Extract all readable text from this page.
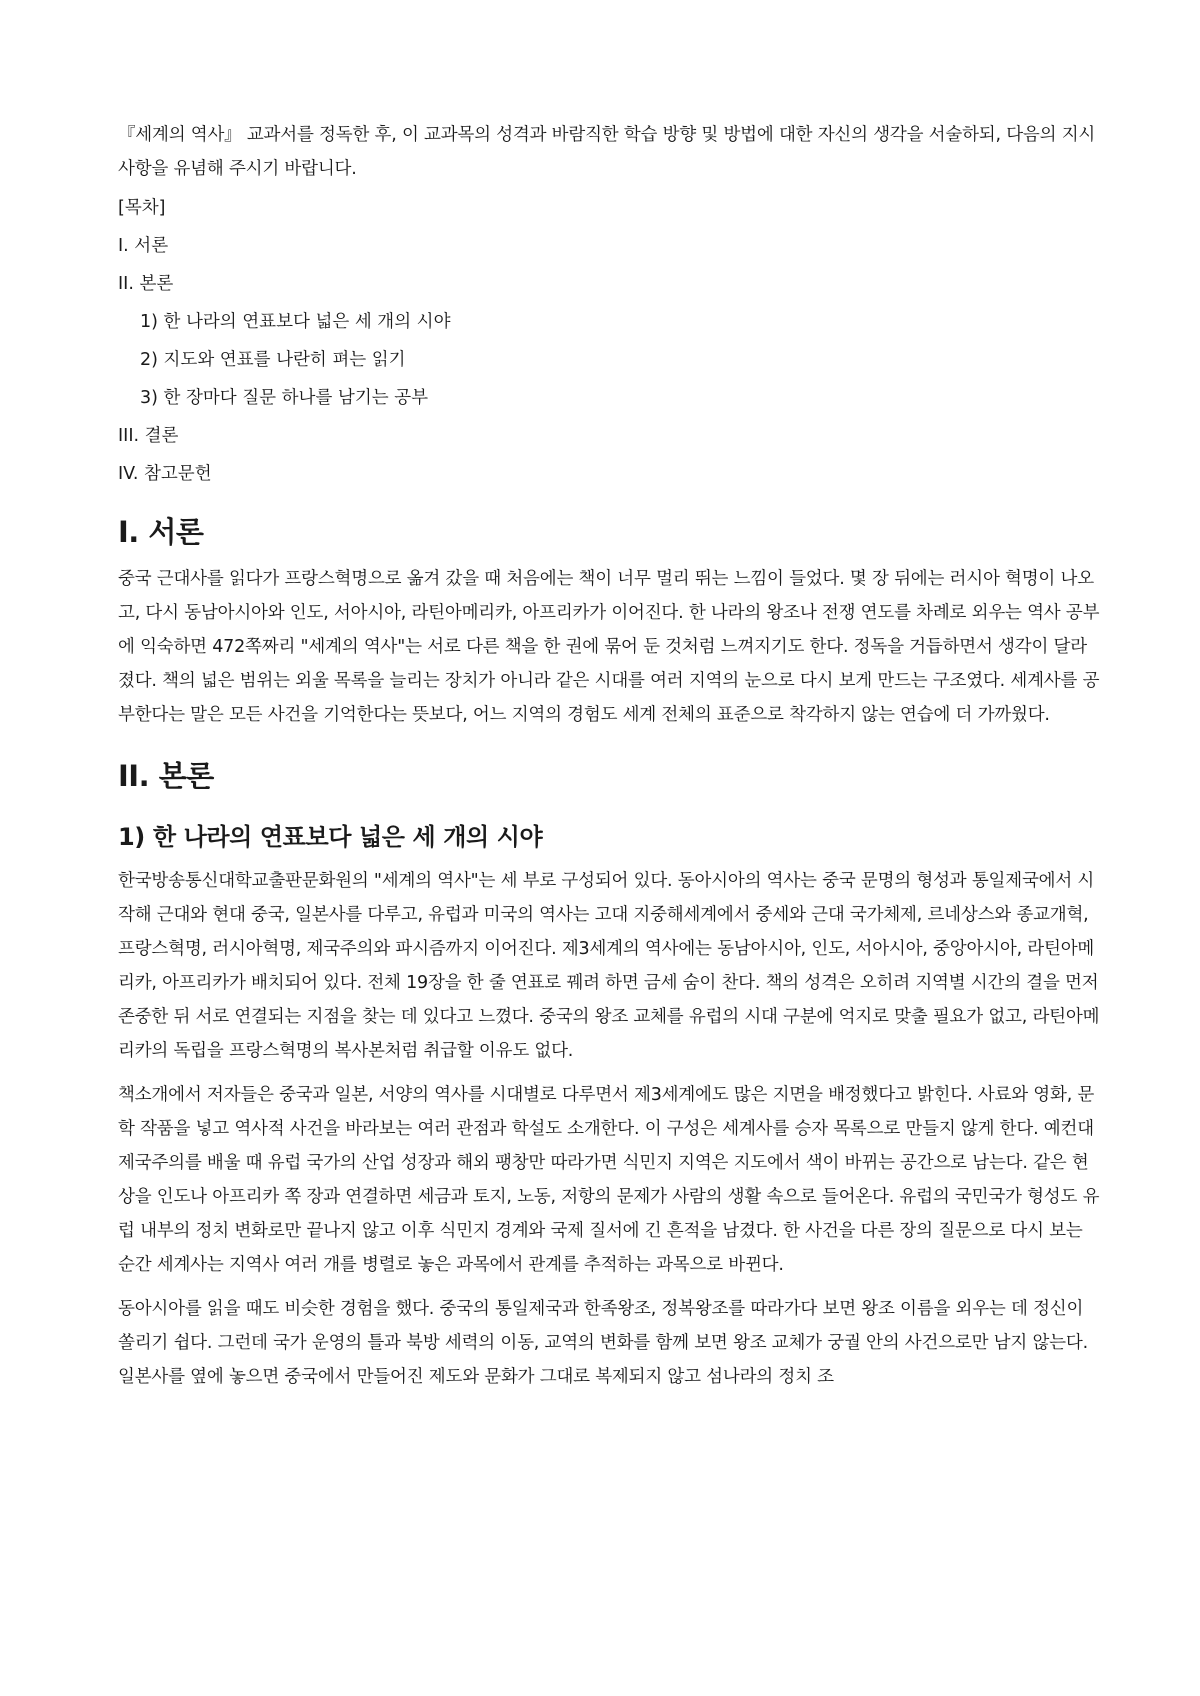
『세계의 역사』 교과서를 정독한 후, 이 교과목의 성격과 바람직한 학습 방향 및 방법에 대한 자신의 생각을 서술하되, 다음의 지시 사항을 유념해 주시기 바랍니다.

[목차]

I. 서론

II. 본론

1) 한 나라의 연표보다 넓은 세 개의 시야

2) 지도와 연표를 나란히 펴는 읽기

3) 한 장마다 질문 하나를 남기는 공부

III. 결론

IV. 참고문헌

I. 서론

중국 근대사를 읽다가 프랑스혁명으로 옮겨 갔을 때 처음에는 책이 너무 멀리 뛰는 느낌이 들었다. 몇 장 뒤에는 러시아 혁명이 나오고, 다시 동남아시아와 인도, 서아시아, 라틴아메리카, 아프리카가 이어진다. 한 나라의 왕조나 전쟁 연도를 차례로 외우는 역사 공부에 익숙하면 472쪽짜리 "세계의 역사"는 서로 다른 책을 한 권에 묶어 둔 것처럼 느껴지기도 한다. 정독을 거듭하면서 생각이 달라졌다. 책의 넓은 범위는 외울 목록을 늘리는 장치가 아니라 같은 시대를 여러 지역의 눈으로 다시 보게 만드는 구조였다. 세계사를 공부한다는 말은 모든 사건을 기억한다는 뜻보다, 어느 지역의 경험도 세계 전체의 표준으로 착각하지 않는 연습에 더 가까웠다.

II. 본론
1) 한 나라의 연표보다 넓은 세 개의 시야

한국방송통신대학교출판문화원의 "세계의 역사"는 세 부로 구성되어 있다. 동아시아의 역사는 중국 문명의 형성과 통일제국에서 시작해 근대와 현대 중국, 일본사를 다루고, 유럽과 미국의 역사는 고대 지중해세계에서 중세와 근대 국가체제, 르네상스와 종교개혁, 프랑스혁명, 러시아혁명, 제국주의와 파시즘까지 이어진다. 제3세계의 역사에는 동남아시아, 인도, 서아시아, 중앙아시아, 라틴아메리카, 아프리카가 배치되어 있다. 전체 19장을 한 줄 연표로 꿰려 하면 금세 숨이 찬다. 책의 성격은 오히려 지역별 시간의 결을 먼저 존중한 뒤 서로 연결되는 지점을 찾는 데 있다고 느꼈다. 중국의 왕조 교체를 유럽의 시대 구분에 억지로 맞출 필요가 없고, 라틴아메리카의 독립을 프랑스혁명의 복사본처럼 취급할 이유도 없다.

책소개에서 저자들은 중국과 일본, 서양의 역사를 시대별로 다루면서 제3세계에도 많은 지면을 배정했다고 밝힌다. 사료와 영화, 문학 작품을 넣고 역사적 사건을 바라보는 여러 관점과 학설도 소개한다. 이 구성은 세계사를 승자 목록으로 만들지 않게 한다. 예컨대 제국주의를 배울 때 유럽 국가의 산업 성장과 해외 팽창만 따라가면 식민지 지역은 지도에서 색이 바뀌는 공간으로 남는다. 같은 현상을 인도나 아프리카 쪽 장과 연결하면 세금과 토지, 노동, 저항의 문제가 사람의 생활 속으로 들어온다. 유럽의 국민국가 형성도 유럽 내부의 정치 변화로만 끝나지 않고 이후 식민지 경계와 국제 질서에 긴 흔적을 남겼다. 한 사건을 다른 장의 질문으로 다시 보는 순간 세계사는 지역사 여러 개를 병렬로 놓은 과목에서 관계를 추적하는 과목으로 바뀐다.

동아시아를 읽을 때도 비슷한 경험을 했다. 중국의 통일제국과 한족왕조, 정복왕조를 따라가다 보면 왕조 이름을 외우는 데 정신이 쏠리기 쉽다. 그런데 국가 운영의 틀과 북방 세력의 이동, 교역의 변화를 함께 보면 왕조 교체가 궁궐 안의 사건으로만 남지 않는다. 일본사를 옆에 놓으면 중국에서 만들어진 제도와 문화가 그대로 복제되지 않고 섬나라의 정치 조
